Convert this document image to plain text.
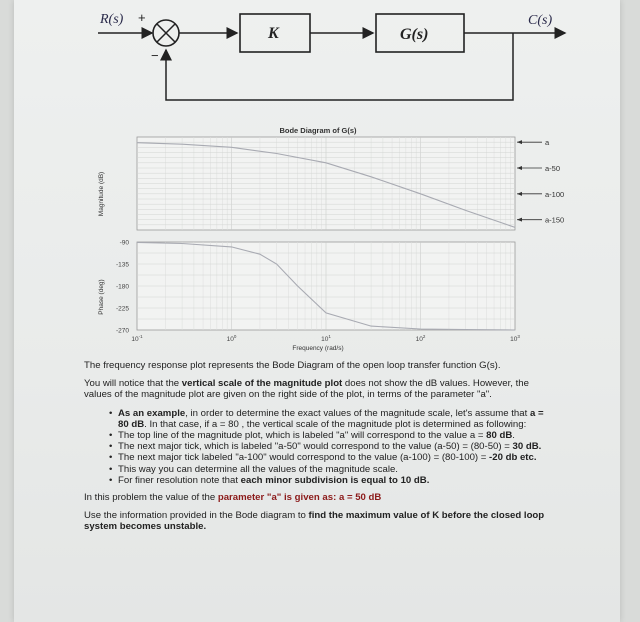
R(s) +
−
K	G(s)
C(s)
Bode Diagram of G(s)
a
a-50
a-100
a-150
-90
-135
-180
-225
-270
$10^{-1}$	$10^0$	$10^1$	$10^2$	$10^3$
Magnitude (dB)
Phase (deg)
Frequency (rad/s)

The frequency response plot represents the Bode Diagram of the open loop transfer function G(s).

You will notice that the vertical scale of the magnitude plot does not show the dB values. However, the values of the magnitude plot are given on the right side of the plot, in terms of the parameter "a".

• As an example, in order to determine the exact values of the magnitude scale, let's assume that a = 80 dB. In that case, if a = 80 , the vertical scale of the magnitude plot is determined as following:
• The top line of the magnitude plot, which is labeled "a" will correspond to the value a = 80 dB.
• The next major tick, which is labeled "a-50" would correspond to the value (a-50) = (80-50) = 30 dB.
• The next major tick labeled "a-100" would correspond to the value (a-100) = (80-100) = -20 db etc.
• This way you can determine all the values of the magnitude scale.
• For finer resolution note that each minor subdivision is equal to 10 dB.

In this problem the value of the parameter "a" is given as: a = 50 dB

Use the information provided in the Bode diagram to find the maximum value of K before the closed loop system becomes unstable.
